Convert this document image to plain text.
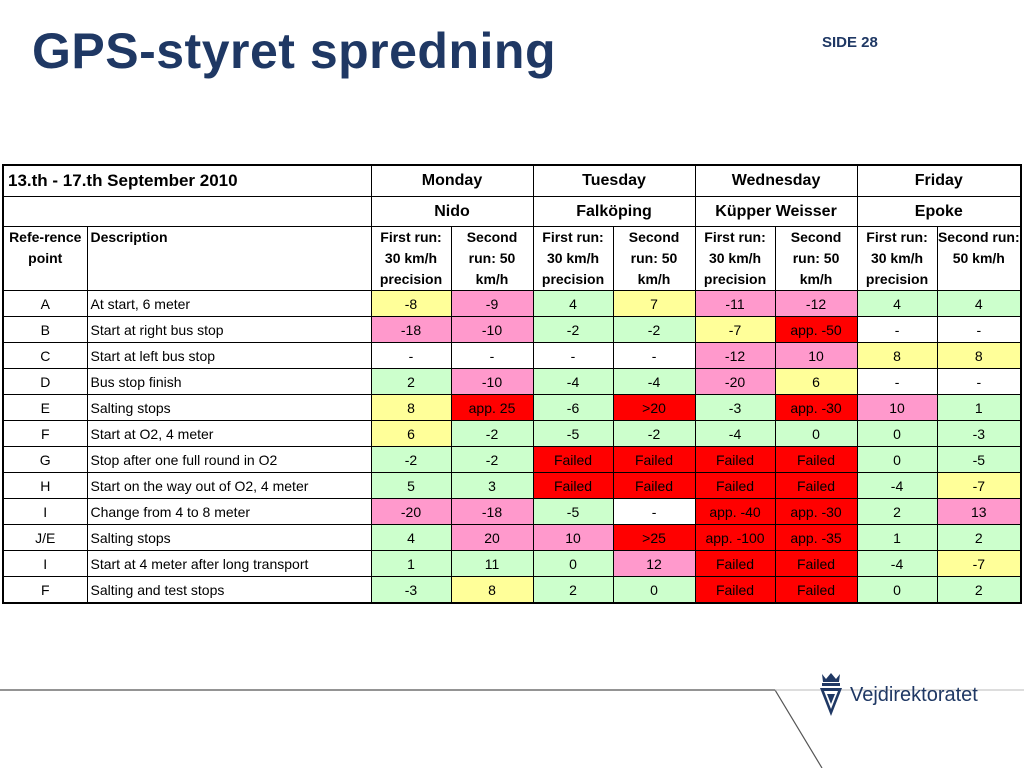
GPS-styret spredning	SIDE 28
13.th - 17.th September 2010		Monday		Tuesday		Wednesday		Friday	
		Nido		Falköping		Küpper Weisser		Epoke	
Refe-rence point	Description	First run: 30 km/h precision	Second run: 50 km/h	First run: 30 km/h precision	Second run: 50 km/h	First run: 30 km/h precision	Second run: 50 km/h	First run: 30 km/h precision	Second run: 50 km/h
A	At start, 6 meter	-8	-9	4	7	-11	-12	4	4
B	Start at right bus stop	-18	-10	-2	-2	-7	app. -50	-	-
C	Start at left bus stop	-	-	-	-	-12	10	8	8
D	Bus stop finish	2	-10	-4	-4	-20	6	-	-
E	Salting stops	8	app. 25	-6	>20	-3	app. -30	10	1
F	Start at O2, 4 meter	6	-2	-5	-2	-4	0	0	-3
G	Stop after one full round in O2	-2	-2	Failed	Failed	Failed	Failed	0	-5
H	Start on the way out of O2, 4 meter	5	3	Failed	Failed	Failed	Failed	-4	-7
I	Change from 4 to 8 meter	-20	-18	-5	-	app. -40	app. -30	2	13
J/E	Salting stops	4	20	10	>25	app. -100	app. -35	1	2
I	Start at 4 meter after long transport	1	11	0	12	Failed	Failed	-4	-7
F	Salting and test stops	-3	8	2	0	Failed	Failed	0	2
Vejdirektoratet
